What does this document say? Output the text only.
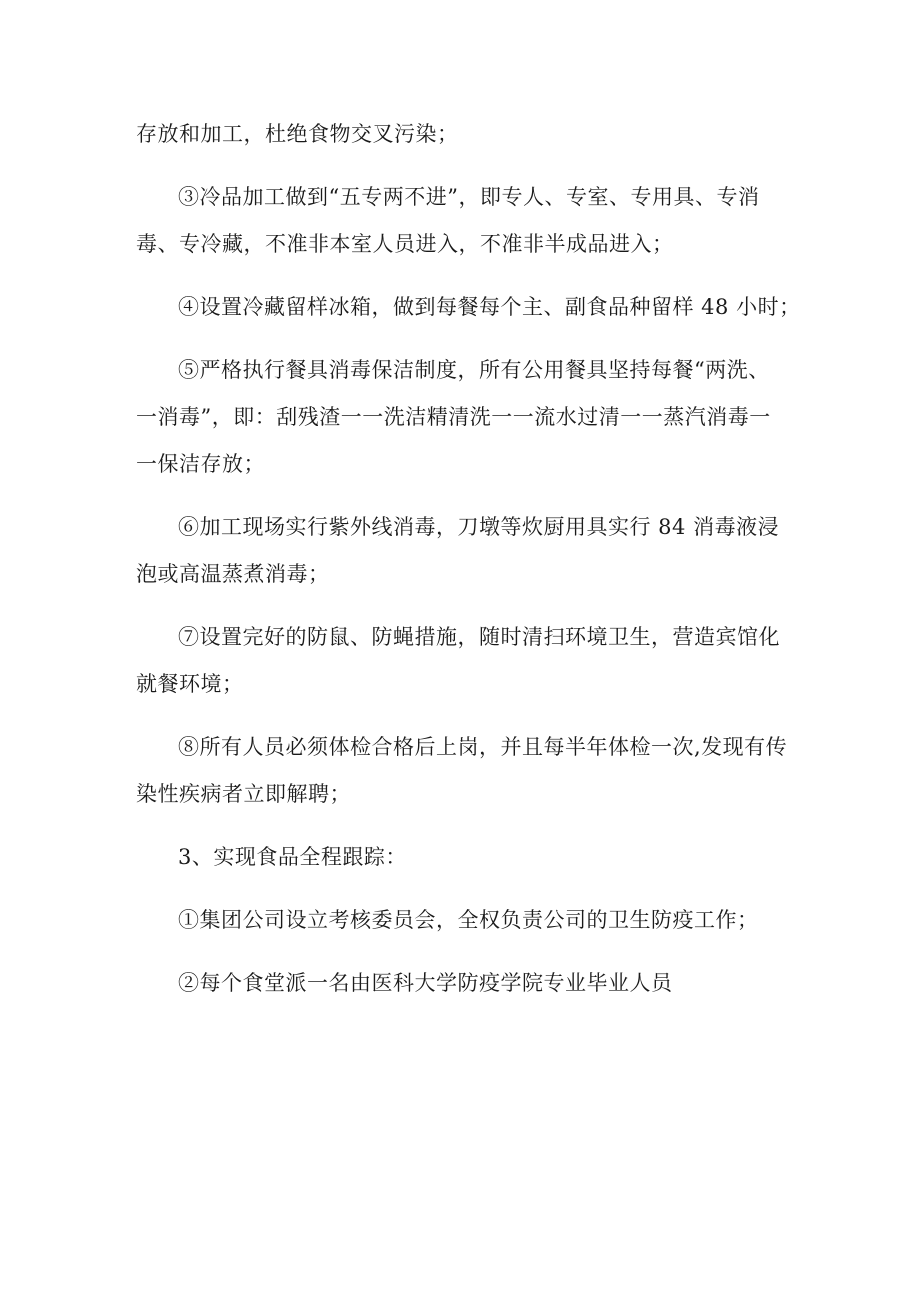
存放和加工，杜绝食物交叉污染；

③冷品加工做到“五专两不进”，即专人、专室、专用具、专消
毒、专冷藏，不准非本室人员进入，不准非半成品进入；

④设置冷藏留样冰箱，做到每餐每个主、副食品种留样 48 小时；

⑤严格执行餐具消毒保洁制度，所有公用餐具坚持每餐“两洗、
一消毒”，即：刮残渣一一洗洁精清洗一一流水过清一一蒸汽消毒一
一保洁存放；

⑥加工现场实行紫外线消毒，刀墩等炊厨用具实行 84 消毒液浸
泡或高温蒸煮消毒；

⑦设置完好的防鼠、防蝇措施，随时清扫环境卫生，营造宾馆化
就餐环境；

⑧所有人员必须体检合格后上岗，并且每半年体检一次,发现有传
染性疾病者立即解聘；

3、实现食品全程跟踪：

①集团公司设立考核委员会，全权负责公司的卫生防疫工作；

②每个食堂派一名由医科大学防疫学院专业毕业人员
